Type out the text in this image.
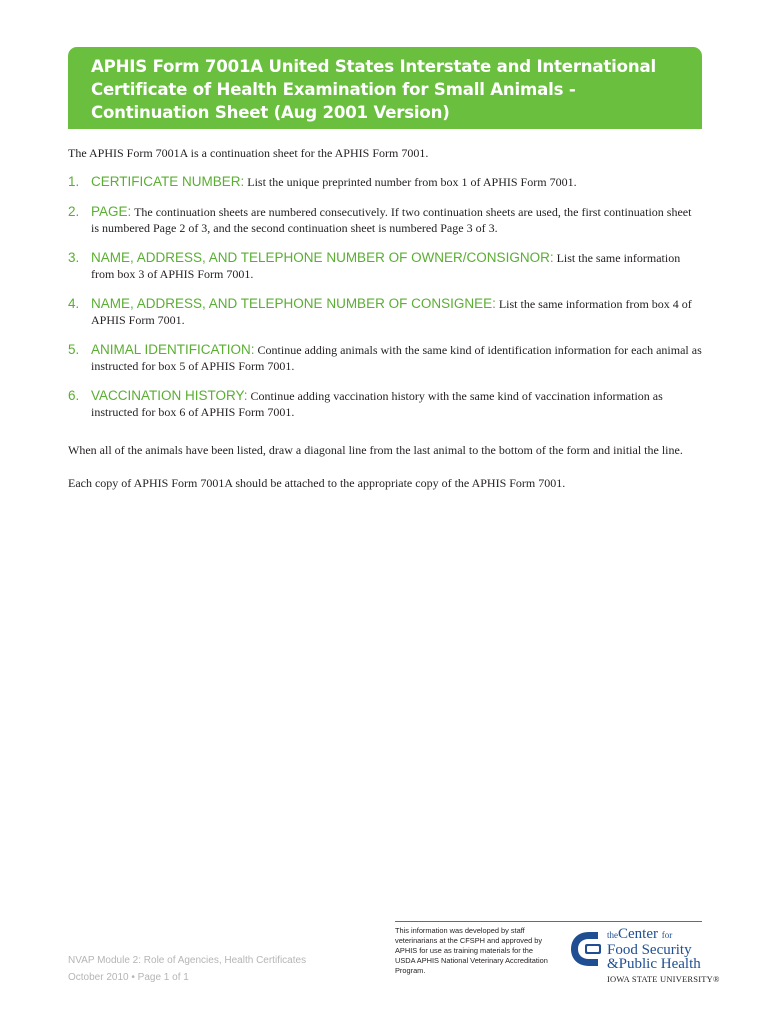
APHIS Form 7001A United States Interstate and International Certificate of Health Examination for Small Animals - Continuation Sheet (Aug 2001 Version)

The APHIS Form 7001A is a continuation sheet for the APHIS Form 7001.

1. CERTIFICATE NUMBER: List the unique preprinted number from box 1 of APHIS Form 7001.
2. PAGE: The continuation sheets are numbered consecutively. If two continuation sheets are used, the first continuation sheet is numbered Page 2 of 3, and the second continuation sheet is numbered Page 3 of 3.
3. NAME, ADDRESS, AND TELEPHONE NUMBER OF OWNER/CONSIGNOR: List the same information from box 3 of APHIS Form 7001.
4. NAME, ADDRESS, AND TELEPHONE NUMBER OF CONSIGNEE: List the same information from box 4 of APHIS Form 7001.
5. ANIMAL IDENTIFICATION: Continue adding animals with the same kind of identification information for each animal as instructed for box 5 of APHIS Form 7001.
6. VACCINATION HISTORY: Continue adding vaccination history with the same kind of vaccination information as instructed for box 6 of APHIS Form 7001.

When all of the animals have been listed, draw a diagonal line from the last animal to the bottom of the form and initial the line.

Each copy of APHIS Form 7001A should be attached to the appropriate copy of the APHIS Form 7001.

NVAP Module 2: Role of Agencies, Health Certificates
October 2010 • Page 1 of 1

This information was developed by staff veterinarians at the CFSPH and approved by APHIS for use as training materials for the USDA APHIS National Veterinary Accreditation Program.

theCenter for
Food Security
&Public Health
IOWA STATE UNIVERSITY®
